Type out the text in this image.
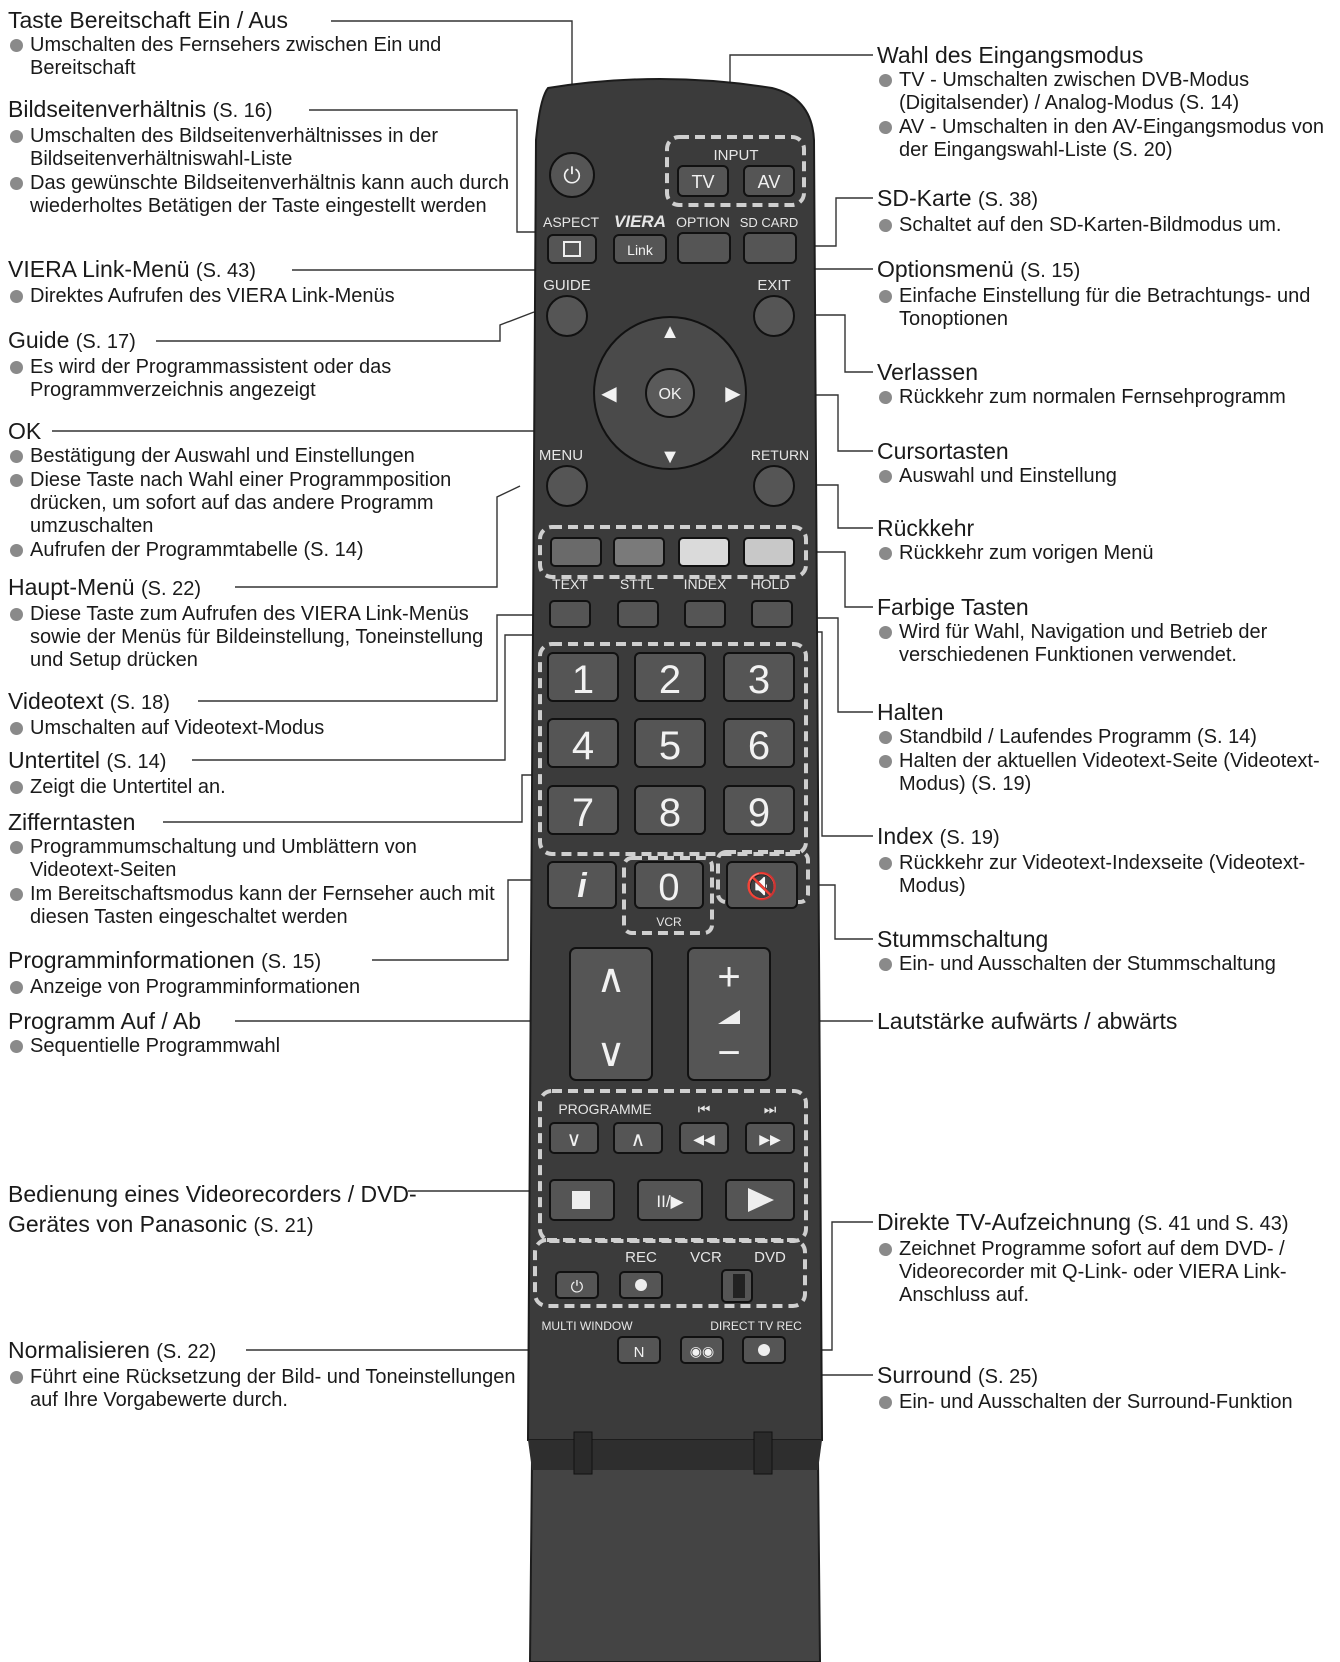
⏻
INPUT
TV AV
ASPECT VIERA OPTION SD CARD
Link
GUIDE	EXIT
▲
▼
◀	▶
OK
MENU	RETURN
TEXT STTL INDEX HOLD
1 2 3
4 5 6
7 8 9
i 0
VCR
🔇
∧
∨
+
−
PROGRAMME	⏮	⏭
∨ ∧	◀◀	▶▶
II/▶
REC VCR DVD
⏻
MULTI WINDOW	DIRECT TV REC
N	◉◉
Taste Bereitschaft Ein / Aus
Umschalten des Fernsehers zwischen Ein und Bereitschaft
Bildseitenverhältnis (S. 16)
Umschalten des Bildseitenverhältnisses in der Bildseitenverhältniswahl-Liste
Das gewünschte Bildseitenverhältnis kann auch durch wiederholtes Betätigen der Taste eingestellt werden
VIERA Link-Menü (S. 43)
Direktes Aufrufen des VIERA Link-Menüs
Guide (S. 17)
Es wird der Programmassistent oder das Programmverzeichnis angezeigt
OK
Bestätigung der Auswahl und Einstellungen
Diese Taste nach Wahl einer Programmposition drücken, um sofort auf das andere Programm umzuschalten
Aufrufen der Programmtabelle (S. 14)
Haupt-Menü (S. 22)
Diese Taste zum Aufrufen des VIERA Link-Menüs sowie der Menüs für Bildeinstellung, Toneinstellung und Setup drücken
Videotext (S. 18)
Umschalten auf Videotext-Modus
Untertitel (S. 14)
Zeigt die Untertitel an.
Zifferntasten
Programmumschaltung und Umblättern von Videotext-Seiten
Im Bereitschaftsmodus kann der Fernseher auch mit diesen Tasten eingeschaltet werden
Programminformationen (S. 15)
Anzeige von Programminformationen
Programm Auf / Ab
Sequentielle Programmwahl
Bedienung eines Videorecorders / DVD-Gerätes von Panasonic (S. 21)
Normalisieren (S. 22)
Führt eine Rücksetzung der Bild- und Toneinstellungen auf Ihre Vorgabewerte durch.
Wahl des Eingangsmodus
TV - Umschalten zwischen DVB-Modus (Digitalsender) / Analog-Modus (S. 14)
AV - Umschalten in den AV-Eingangsmodus von der Eingangswahl-Liste (S. 20)
SD-Karte (S. 38)
Schaltet auf den SD-Karten-Bildmodus um.
Optionsmenü (S. 15)
Einfache Einstellung für die Betrachtungs- und Tonoptionen
Verlassen
Rückkehr zum normalen Fernsehprogramm
Cursortasten
Auswahl und Einstellung
Rückkehr
Rückkehr zum vorigen Menü
Farbige Tasten
Wird für Wahl, Navigation und Betrieb der verschiedenen Funktionen verwendet.
Halten
Standbild / Laufendes Programm (S. 14)
Halten der aktuellen Videotext-Seite (Videotext-Modus) (S. 19)
Index (S. 19)
Rückkehr zur Videotext-Indexseite (Videotext-Modus)
Stummschaltung
Ein- und Ausschalten der Stummschaltung
Lautstärke aufwärts / abwärts
Direkte TV-Aufzeichnung (S. 41 und S. 43)
Zeichnet Programme sofort auf dem DVD- / Videorecorder mit Q-Link- oder VIERA Link-Anschluss auf.
Surround (S. 25)
Ein- und Ausschalten der Surround-Funktion
